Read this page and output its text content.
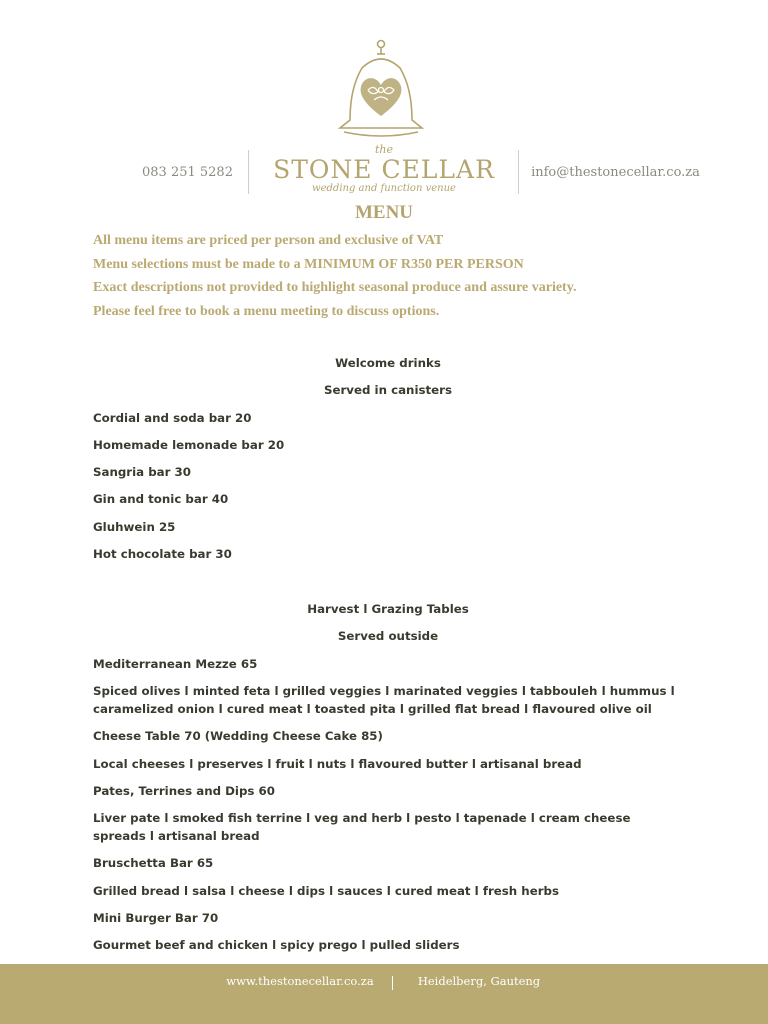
083 251 5282
the
STONE CELLAR
wedding and function venue
info@thestonecellar.co.za
MENU
All menu items are priced per person and exclusive of VAT
Menu selections must be made to a MINIMUM OF R350 PER PERSON
Exact descriptions not provided to highlight seasonal produce and assure variety.
Please feel free to book a menu meeting to discuss options.

Welcome drinks

Served in canisters

Cordial and soda bar 20

Homemade lemonade bar 20

Sangria bar 30

Gin and tonic bar 40

Gluhwein 25

Hot chocolate bar 30

Harvest l Grazing Tables

Served outside

Mediterranean Mezze 65

Spiced olives l minted feta l grilled veggies l marinated veggies l tabbouleh l hummus l caramelized onion l cured meat l toasted pita l grilled flat bread l flavoured olive oil

Cheese Table 70 (Wedding Cheese Cake 85)

Local cheeses l preserves l fruit l nuts l flavoured butter l artisanal bread

Pates, Terrines and Dips 60

Liver pate l smoked fish terrine l veg and herb l pesto l tapenade l cream cheese spreads l artisanal bread

Bruschetta Bar 65

Grilled bread l salsa l cheese l dips l sauces l cured meat l fresh herbs

Mini Burger Bar 70

Gourmet beef and chicken l spicy prego l pulled sliders

www.thestonecellar.co.za	Heidelberg, Gauteng
